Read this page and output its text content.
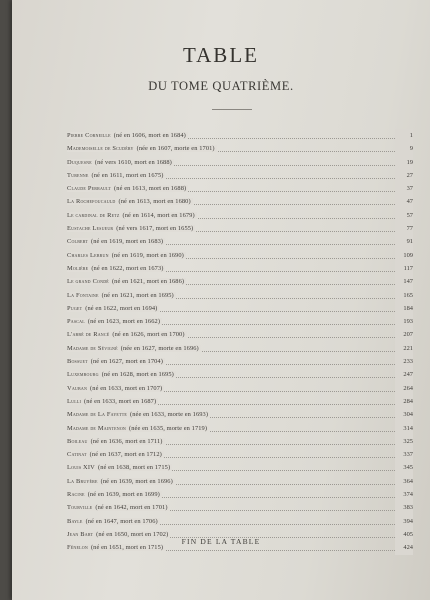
TABLE
DU TOME QUATRIÈME.
Pierre Corneille (né en 1606, mort en 1684)	1
Mademoiselle de Scudéry (née en 1607, morte en 1701)	9
Duquesne (né vers 1610, mort en 1688)	19
Turenne (né en 1611, mort en 1675)	27
Claude Perrault (né en 1613, mort en 1688)	37
La Rochefoucauld (né en 1613, mort en 1680)	47
Le cardinal de Retz (né en 1614, mort en 1679)	57
Eustache Lesueur (né vers 1617, mort en 1655)	77
Colbert (né en 1619, mort en 1683)	91
Charles Lebrun (né en 1619, mort en 1690)	109
Molière (né en 1622, mort en 1673)	117
Le grand Condé (né en 1621, mort en 1686)	147
La Fontaine (né en 1621, mort en 1695)	165
Puget (né en 1622, mort en 1694)	184
Pascal (né en 1623, mort en 1662)	193
L'abbé de Rancé (né en 1626, mort en 1700)	207
Madame de Sévigné (née en 1627, morte en 1696)	221
Bossuet (né en 1627, mort en 1704)	233
Luxembourg (né en 1628, mort en 1695)	247
Vauban (né en 1633, mort en 1707)	264
Lulli (né en 1633, mort en 1687)	284
Madame de La Fayette (née en 1633, morte en 1693)	304
Madame de Maintenon (née en 1635, morte en 1719)	314
Boileau (né en 1636, mort en 1711)	325
Catinat (né en 1637, mort en 1712)	337
Louis XIV (né en 1638, mort en 1715)	345
La Bruyère (né en 1639, mort en 1696)	364
Racine (né en 1639, mort en 1699)	374
Tourville (né en 1642, mort en 1701)	383
Bayle (né en 1647, mort en 1706)	394
Jean Bart (né en 1650, mort en 1702)	405
Fénelon (né en 1651, mort en 1715)	424
FIN DE LA TABLE
